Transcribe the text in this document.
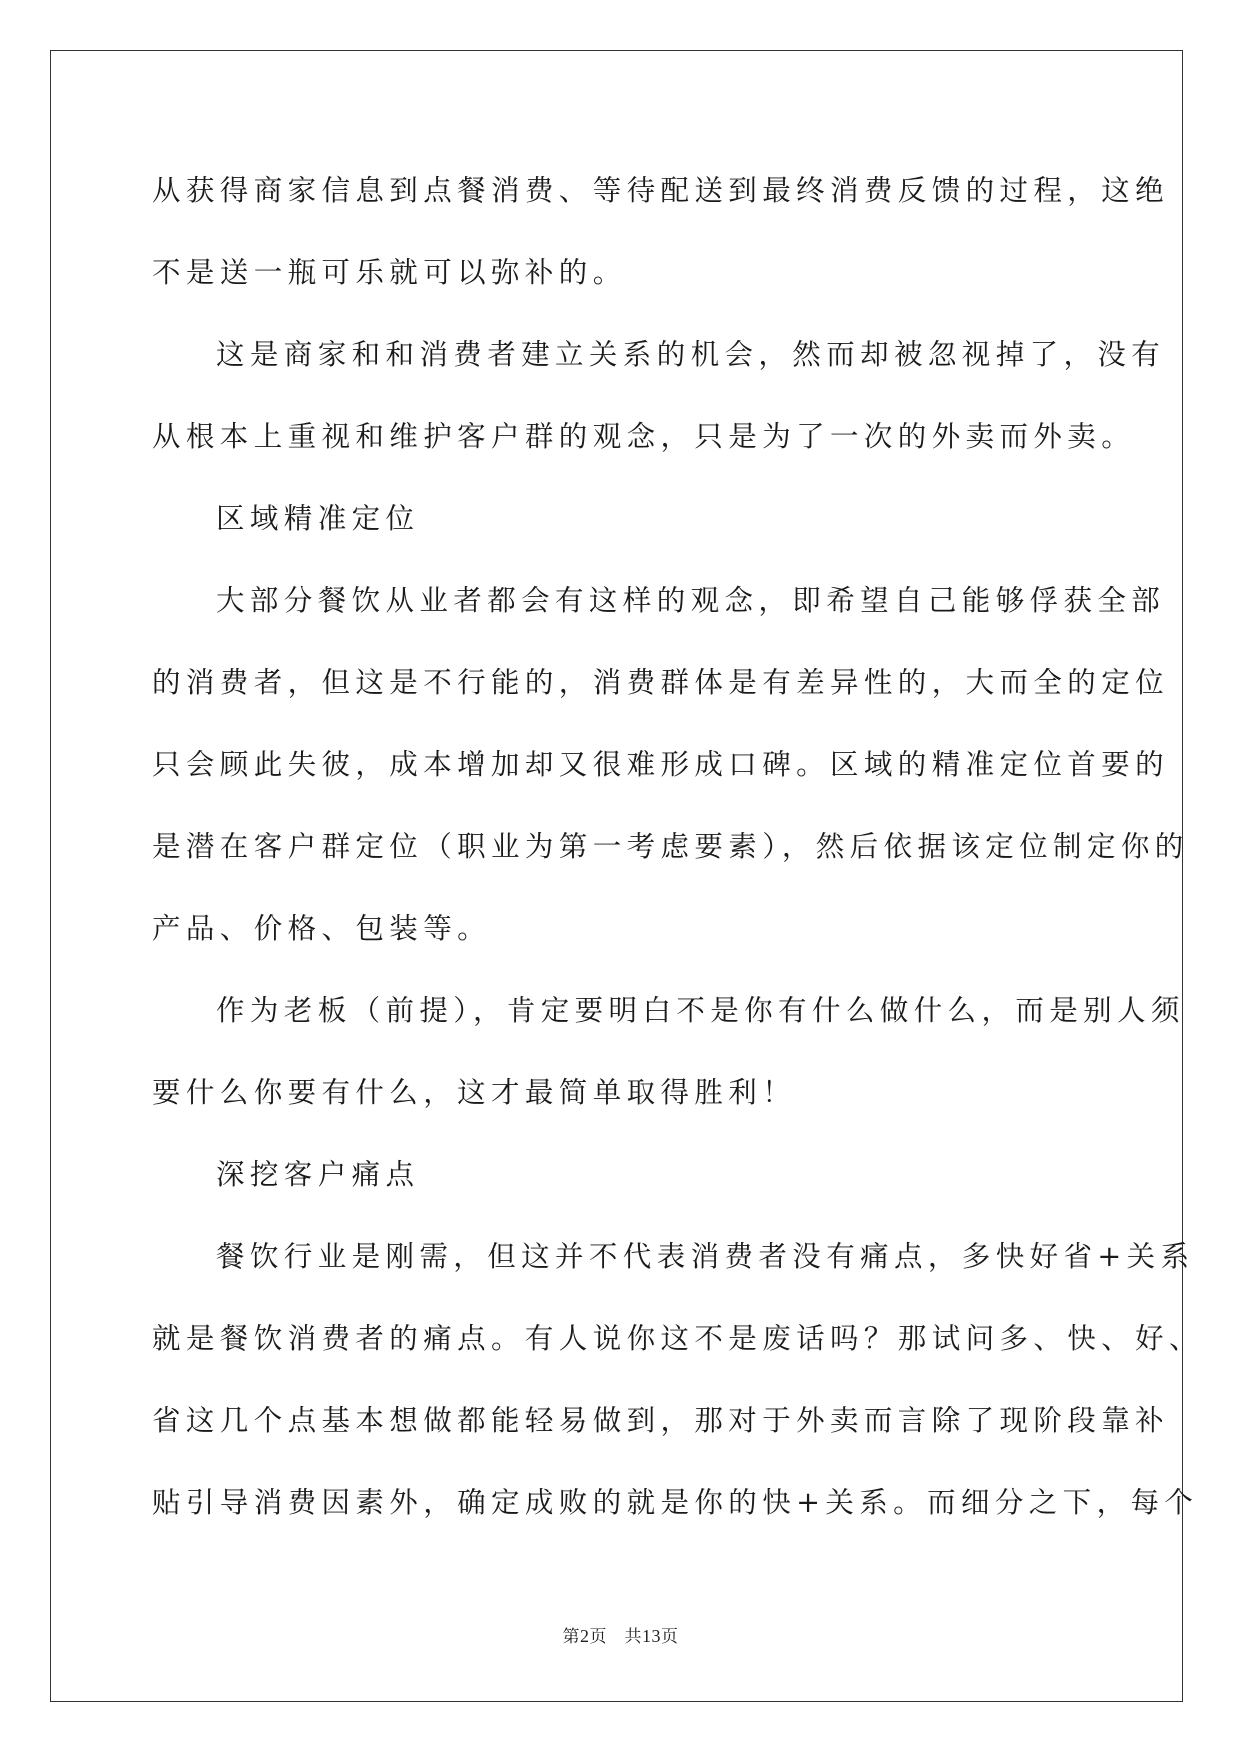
从获得商家信息到点餐消费、等待配送到最终消费反馈的过程，这绝
不是送一瓶可乐就可以弥补的。
这是商家和和消费者建立关系的机会，然而却被忽视掉了，没有
从根本上重视和维护客户群的观念，只是为了一次的外卖而外卖。
区域精准定位
大部分餐饮从业者都会有这样的观念，即希望自己能够俘获全部
的消费者，但这是不行能的，消费群体是有差异性的，大而全的定位
只会顾此失彼，成本增加却又很难形成口碑。区域的精准定位首要的
是潜在客户群定位（职业为第一考虑要素），然后依据该定位制定你的
产品、价格、包装等。
作为老板（前提），肯定要明白不是你有什么做什么，而是别人须
要什么你要有什么，这才最简单取得胜利！
深挖客户痛点
餐饮行业是刚需，但这并不代表消费者没有痛点，多快好省+关系
就是餐饮消费者的痛点。有人说你这不是废话吗？那试问多、快、好、
省这几个点基本想做都能轻易做到，那对于外卖而言除了现阶段靠补
贴引导消费因素外，确定成败的就是你的快+关系。而细分之下，每个
第2页　共13页
